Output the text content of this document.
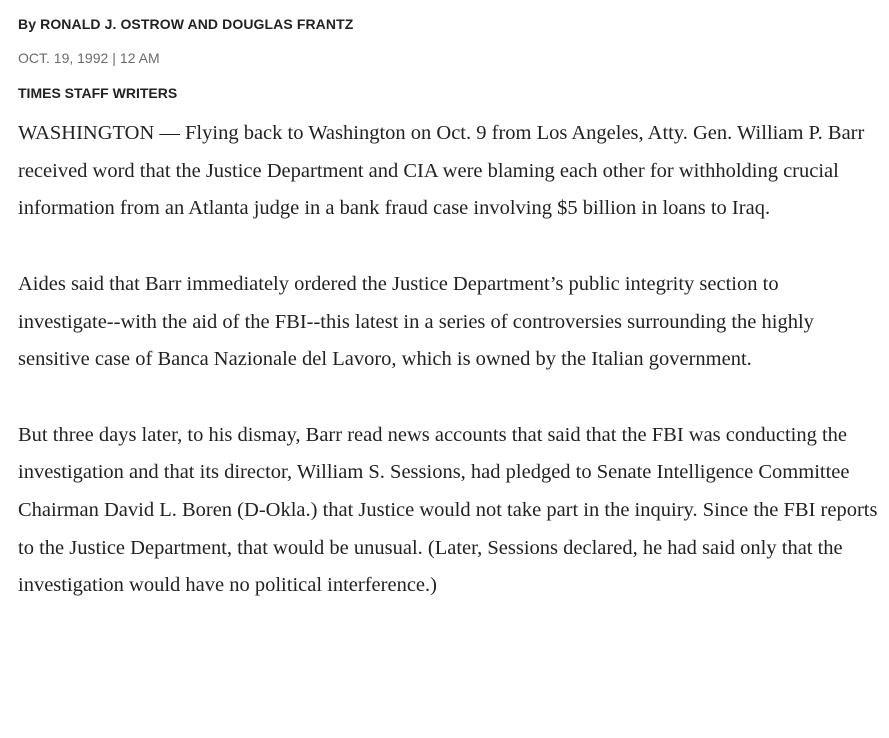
By RONALD J. OSTROW AND DOUGLAS FRANTZ

OCT. 19, 1992 | 12 AM

TIMES STAFF WRITERS

WASHINGTON — Flying back to Washington on Oct. 9 from Los Angeles, Atty. Gen. William P. Barr received word that the Justice Department and CIA were blaming each other for withholding crucial information from an Atlanta judge in a bank fraud case involving $5 billion in loans to Iraq.

Aides said that Barr immediately ordered the Justice Department’s public integrity section to investigate--with the aid of the FBI--this latest in a series of controversies surrounding the highly sensitive case of Banca Nazionale del Lavoro, which is owned by the Italian government.

But three days later, to his dismay, Barr read news accounts that said that the FBI was conducting the investigation and that its director, William S. Sessions, had pledged to Senate Intelligence Committee Chairman David L. Boren (D-Okla.) that Justice would not take part in the inquiry. Since the FBI reports to the Justice Department, that would be unusual. (Later, Sessions declared, he had said only that the investigation would have no political interference.)
